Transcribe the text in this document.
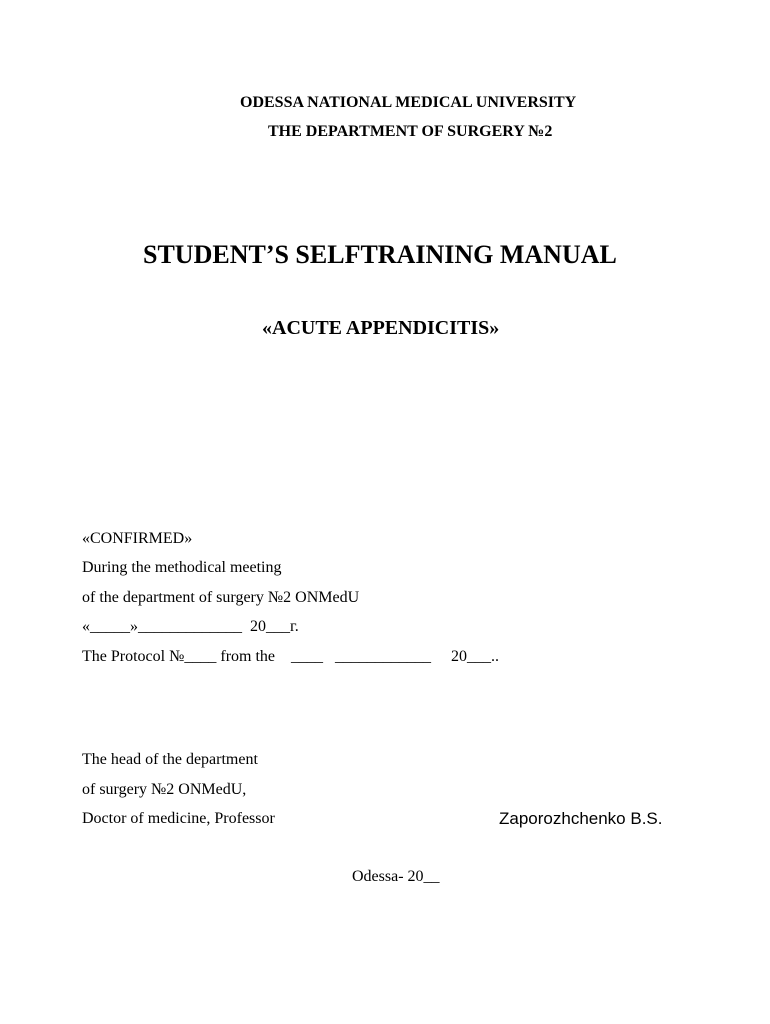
ODESSA NATIONAL MEDICAL UNIVERSITY
THE DEPARTMENT OF SURGERY №2
STUDENT’S SELFTRAINING MANUAL
«ACUTE APPENDICITIS»
«CONFIRMED»
During the methodical meeting
of the department of surgery №2 ONMedU
«_____»_____________  20___г.
The Protocol №____ from the    ____   ____________     20___..
The head of the department
of surgery №2 ONMedU,
Doctor of medicine, Professor	Zaporozhchenko B.S.
Odessa- 20__
